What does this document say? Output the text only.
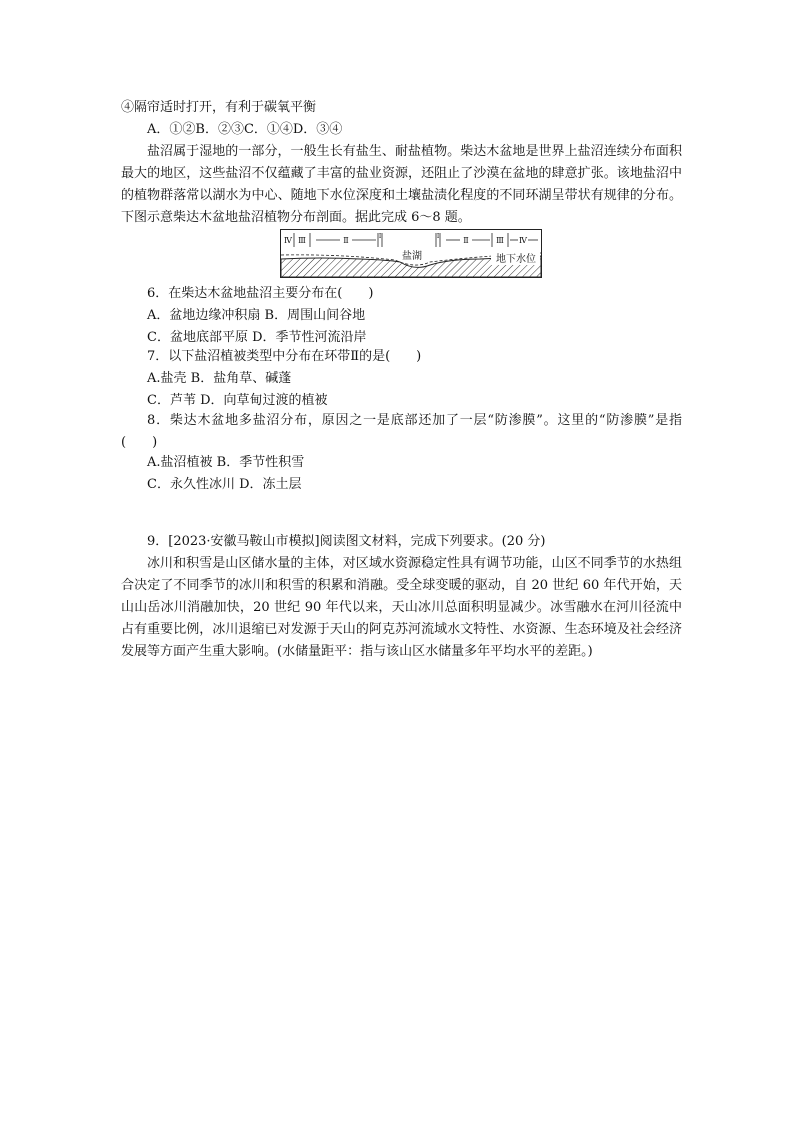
④隔帘适时打开，有利于碳氧平衡
A．①②B．②③C．①④D．③④
盐沼属于湿地的一部分，一般生长有盐生、耐盐植物。柴达木盆地是世界上盐沼连续分布面积最大的地区，这些盐沼不仅蕴藏了丰富的盐业资源，还阻止了沙漠在盆地的肆意扩张。该地盐沼中的植物群落常以湖水为中心、随地下水位深度和土壤盐渍化程度的不同环湖呈带状有规律的分布。下图示意柴达木盆地盐沼植物分布剖面。据此完成 6～8 题。
Ⅳ Ⅲ	Ⅱ	Ⅰ	Ⅰ	Ⅱ	Ⅲ Ⅳ
盐湖	地下水位
6．在柴达木盆地盐沼主要分布在(　　)
A．盆地边缘冲积扇 B．周围山间谷地
C．盆地底部平原 D．季节性河流沿岸
7．以下盐沼植被类型中分布在环带Ⅱ的是(　　)
A.盐壳 B．盐角草、碱蓬
C．芦苇 D．向草甸过渡的植被
8．柴达木盆地多盐沼分布，原因之一是底部还加了一层“防渗膜”。这里的“防渗膜”是指(　　)
A.盐沼植被 B．季节性积雪
C．永久性冰川 D．冻土层
9．[2023·安徽马鞍山市模拟]阅读图文材料，完成下列要求。(20 分)
冰川和积雪是山区储水量的主体，对区域水资源稳定性具有调节功能，山区不同季节的水热组合决定了不同季节的冰川和积雪的积累和消融。受全球变暖的驱动，自 20 世纪 60 年代开始，天山山岳冰川消融加快，20 世纪 90 年代以来，天山冰川总面积明显减少。冰雪融水在河川径流中占有重要比例，冰川退缩已对发源于天山的阿克苏河流域水文特性、水资源、生态环境及社会经济发展等方面产生重大影响。(水储量距平：指与该山区水储量多年平均水平的差距。)
